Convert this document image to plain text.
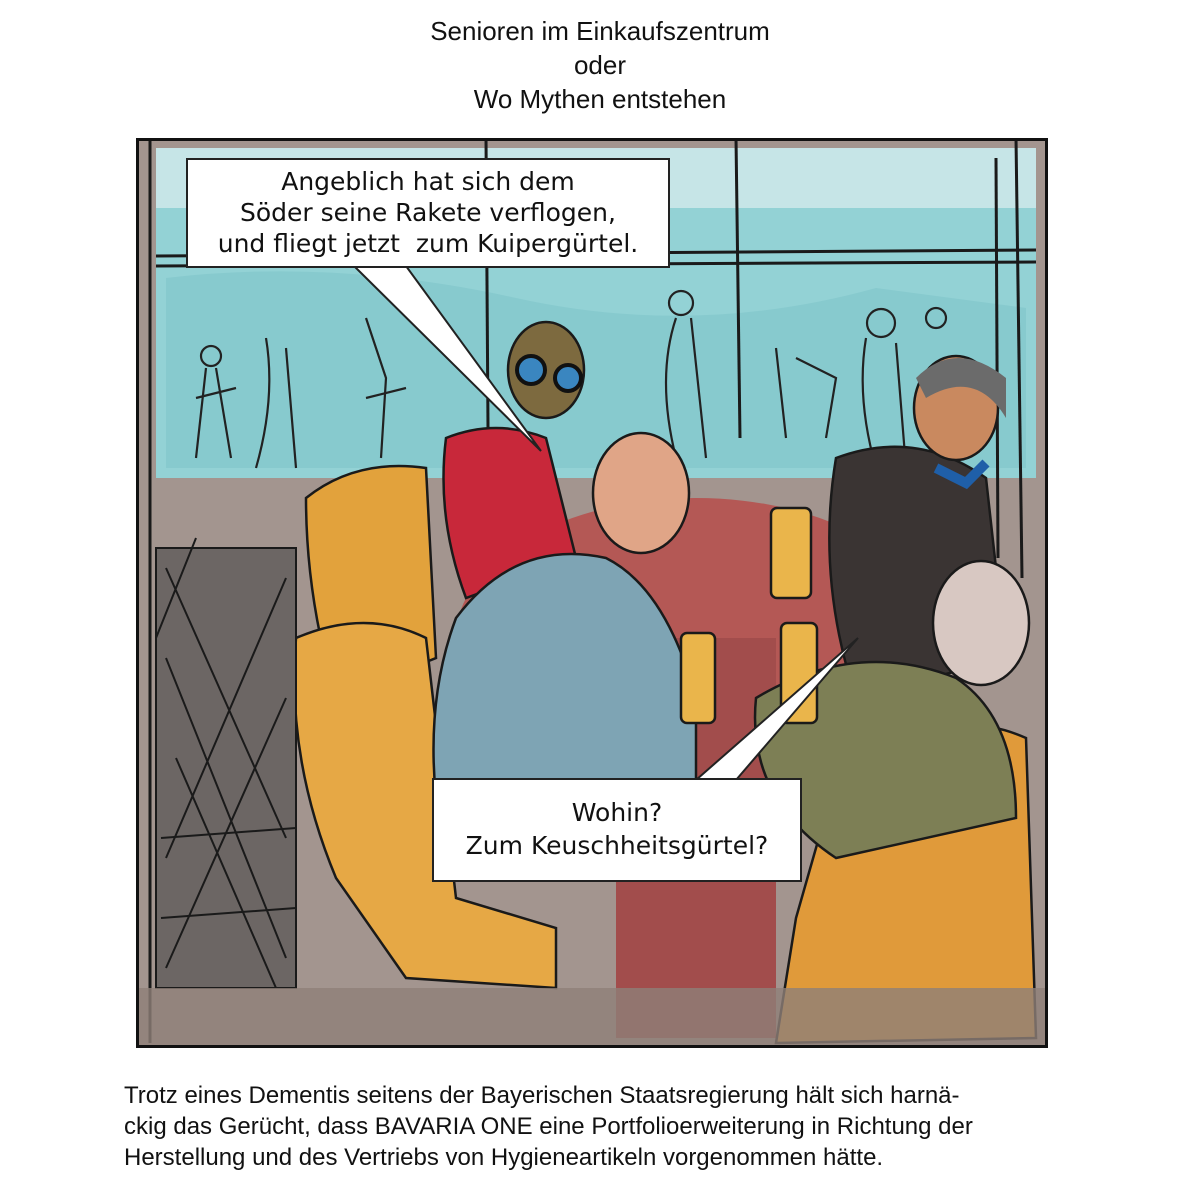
Senioren im Einkaufszentrum
oder
Wo Mythen entstehen
Angeblich hat sich dem
Söder seine Rakete verflogen,
und fliegt jetzt  zum Kuipergürtel.
Wohin?
Zum Keuschheitsgürtel?
Trotz eines Dementis seitens der Bayerischen Staatsregierung hält sich harnä-
ckig das Gerücht, dass BAVARIA ONE eine Portfolioerweiterung in Richtung der
Herstellung und des Vertriebs von Hygieneartikeln vorgenommen hätte.
